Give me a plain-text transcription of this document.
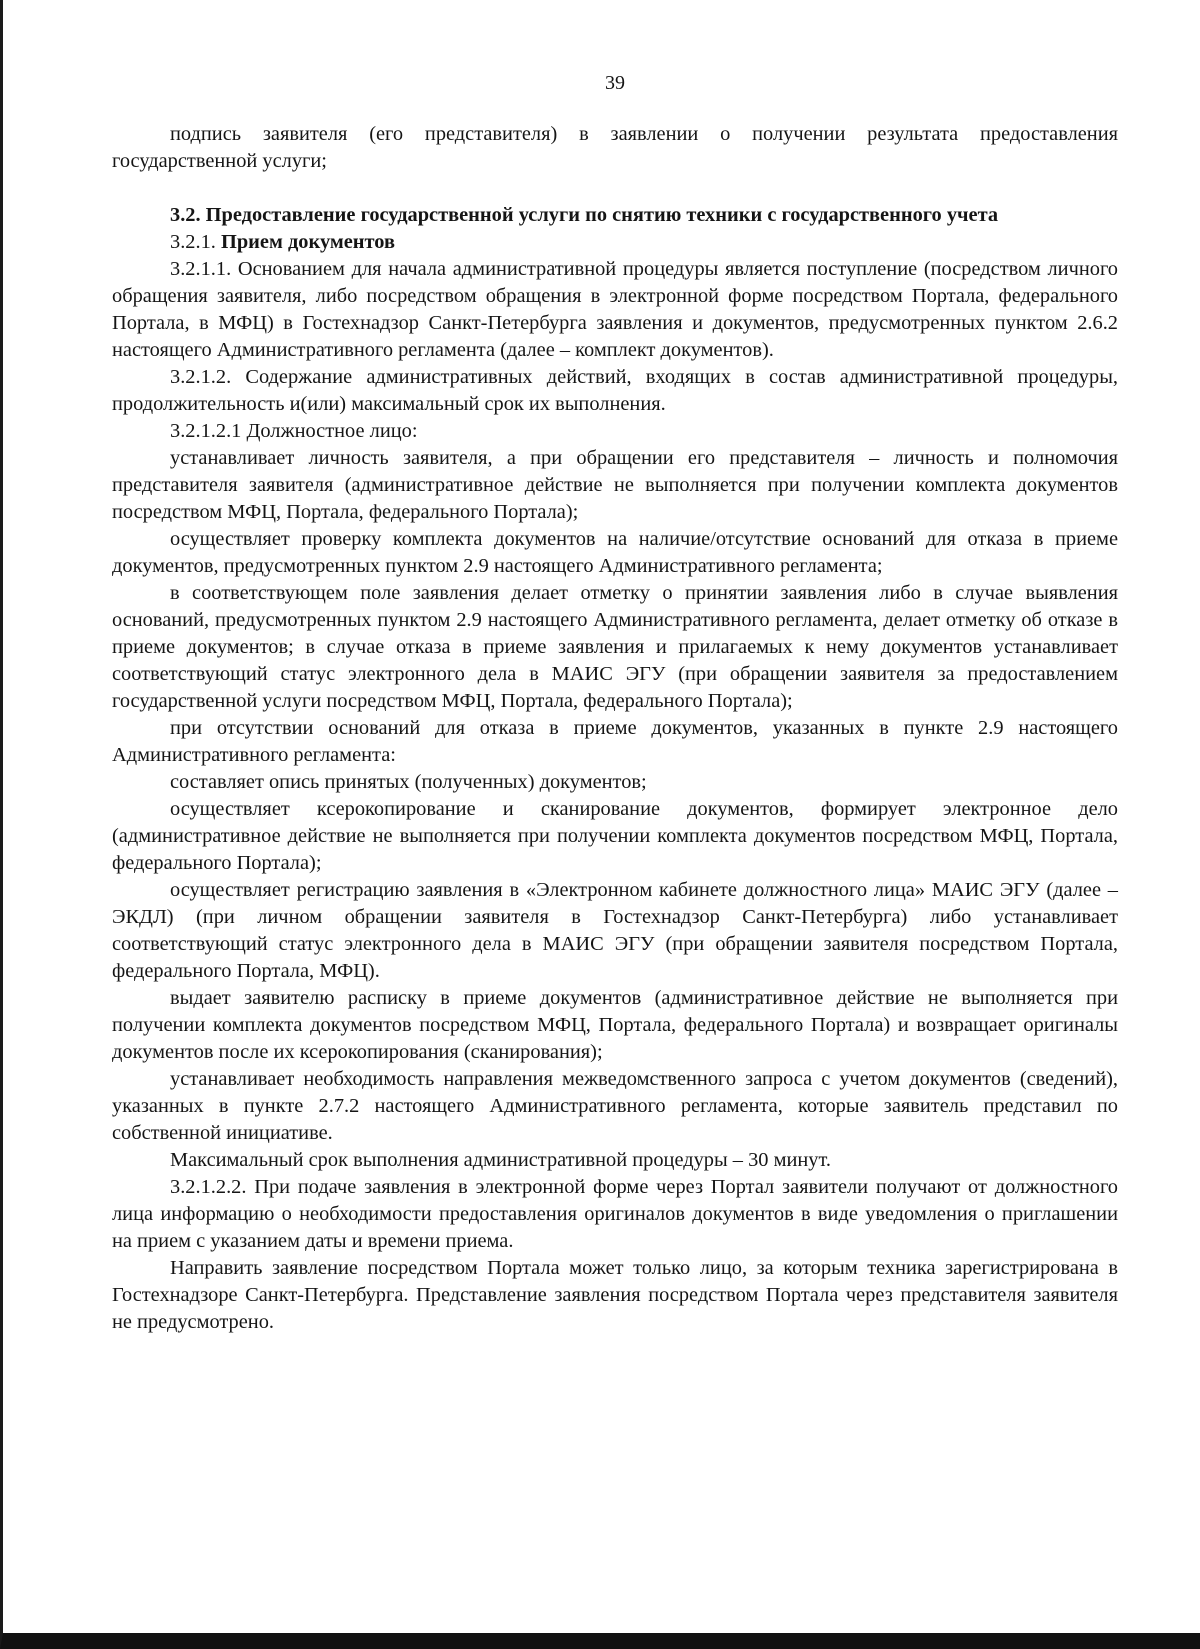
39

подпись заявителя (его представителя) в заявлении о получении результата предоставления государственной услуги;

3.2. Предоставление государственной услуги по снятию техники с государственного учета

3.2.1. Прием документов

3.2.1.1. Основанием для начала административной процедуры является поступление (посредством личного обращения заявителя, либо посредством обращения в электронной форме посредством Портала, федерального Портала, в МФЦ) в Гостехнадзор Санкт-Петербурга заявления и документов, предусмотренных пунктом 2.6.2 настоящего Административного регламента (далее – комплект документов).

3.2.1.2. Содержание административных действий, входящих в состав административной процедуры, продолжительность и(или) максимальный срок их выполнения.

3.2.1.2.1 Должностное лицо:

устанавливает личность заявителя, а при обращении его представителя – личность и полномочия представителя заявителя (административное действие не выполняется при получении комплекта документов посредством МФЦ, Портала, федерального Портала);

осуществляет проверку комплекта документов на наличие/отсутствие оснований для отказа в приеме документов, предусмотренных пунктом 2.9 настоящего Административного регламента;

в соответствующем поле заявления делает отметку о принятии заявления либо в случае выявления оснований, предусмотренных пунктом 2.9 настоящего Административного регламента, делает отметку об отказе в приеме документов; в случае отказа в приеме заявления и прилагаемых к нему документов устанавливает соответствующий статус электронного дела в МАИС ЭГУ (при обращении заявителя за предоставлением государственной услуги посредством МФЦ, Портала, федерального Портала);

при отсутствии оснований для отказа в приеме документов, указанных в пункте 2.9 настоящего Административного регламента:

составляет опись принятых (полученных) документов;

осуществляет ксерокопирование и сканирование документов, формирует электронное дело (административное действие не выполняется при получении комплекта документов посредством МФЦ, Портала, федерального Портала);

осуществляет регистрацию заявления в «Электронном кабинете должностного лица» МАИС ЭГУ (далее – ЭКДЛ) (при личном обращении заявителя в Гостехнадзор Санкт-Петербурга) либо устанавливает соответствующий статус электронного дела в МАИС ЭГУ (при обращении заявителя посредством Портала, федерального Портала, МФЦ).

выдает заявителю расписку в приеме документов (административное действие не выполняется при получении комплекта документов посредством МФЦ, Портала, федерального Портала) и возвращает оригиналы документов после их ксерокопирования (сканирования);

устанавливает необходимость направления межведомственного запроса с учетом документов (сведений), указанных в пункте 2.7.2 настоящего Административного регламента, которые заявитель представил по собственной инициативе.

Максимальный срок выполнения административной процедуры – 30 минут.

3.2.1.2.2. При подаче заявления в электронной форме через Портал заявители получают от должностного лица информацию о необходимости предоставления оригиналов документов в виде уведомления о приглашении на прием с указанием даты и времени приема.

Направить заявление посредством Портала может только лицо, за которым техника зарегистрирована в Гостехнадзоре Санкт-Петербурга. Представление заявления посредством Портала через представителя заявителя не предусмотрено.
